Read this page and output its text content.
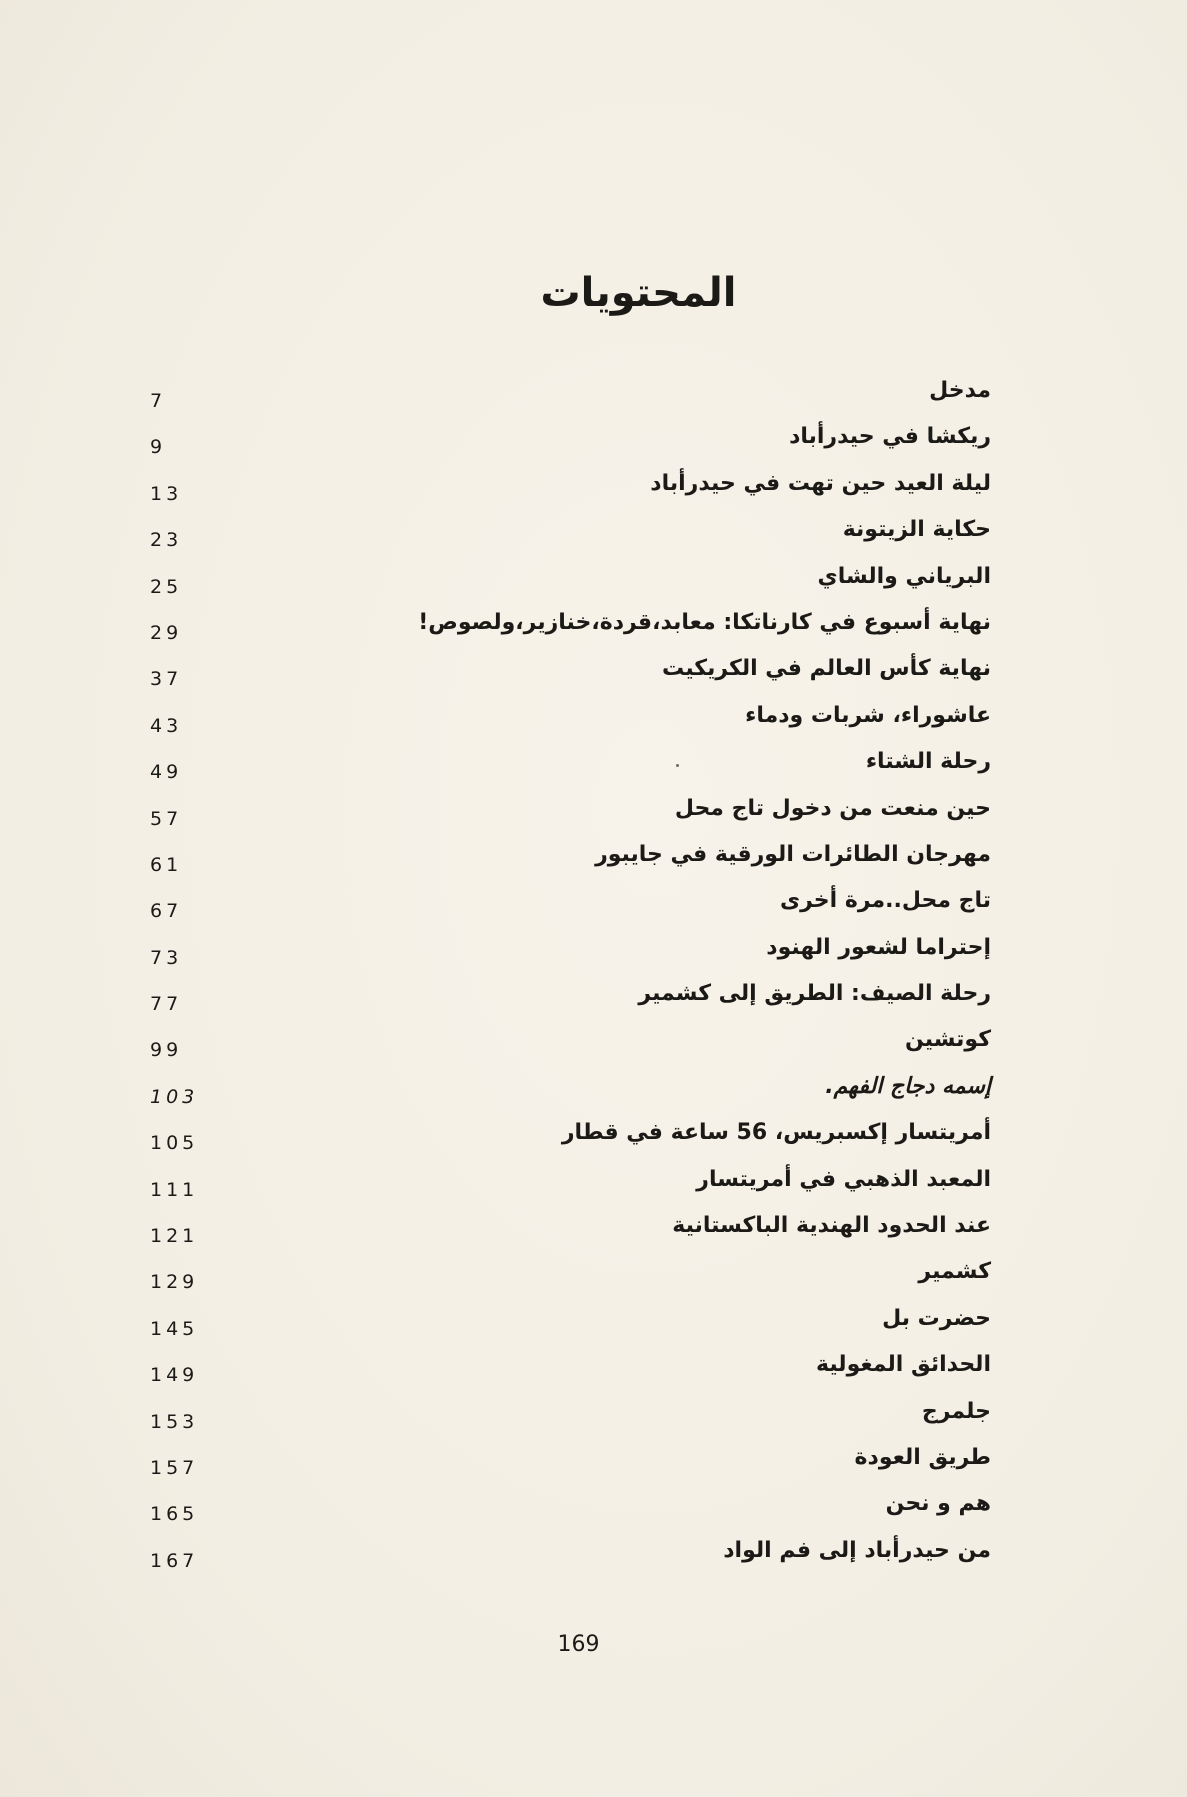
المحتويات
مدخل
7
ريكشا في حيدرأباد
9
ليلة العيد حين تهت في حيدرأباد
13
حكاية الزيتونة
23
البرياني والشاي
25
نهاية أسبوع في كارناتكا: معابد،قردة،خنازير،ولصوص!
29
نهاية كأس العالم في الكريكيت
37
عاشوراء، شربات ودماء
43
رحلة الشتاء
49
حين منعت من دخول تاج محل
57
مهرجان الطائرات الورقية في جايبور
61
تاج محل..مرة أخرى
67
إحتراما لشعور الهنود
73
رحلة الصيف: الطريق إلى كشمير
77
كوتشين
99
إسمه دجاج الفهم.
103
أمريتسار إكسبريس، 56 ساعة في قطار
105
المعبد الذهبي في أمريتسار
111
عند الحدود الهندية الباكستانية
121
كشمير
129
حضرت بل
145
الحدائق المغولية
149
جلمرج
153
طريق العودة
157
هم و نحن
165
من حيدرأباد إلى فم الواد
167
169
